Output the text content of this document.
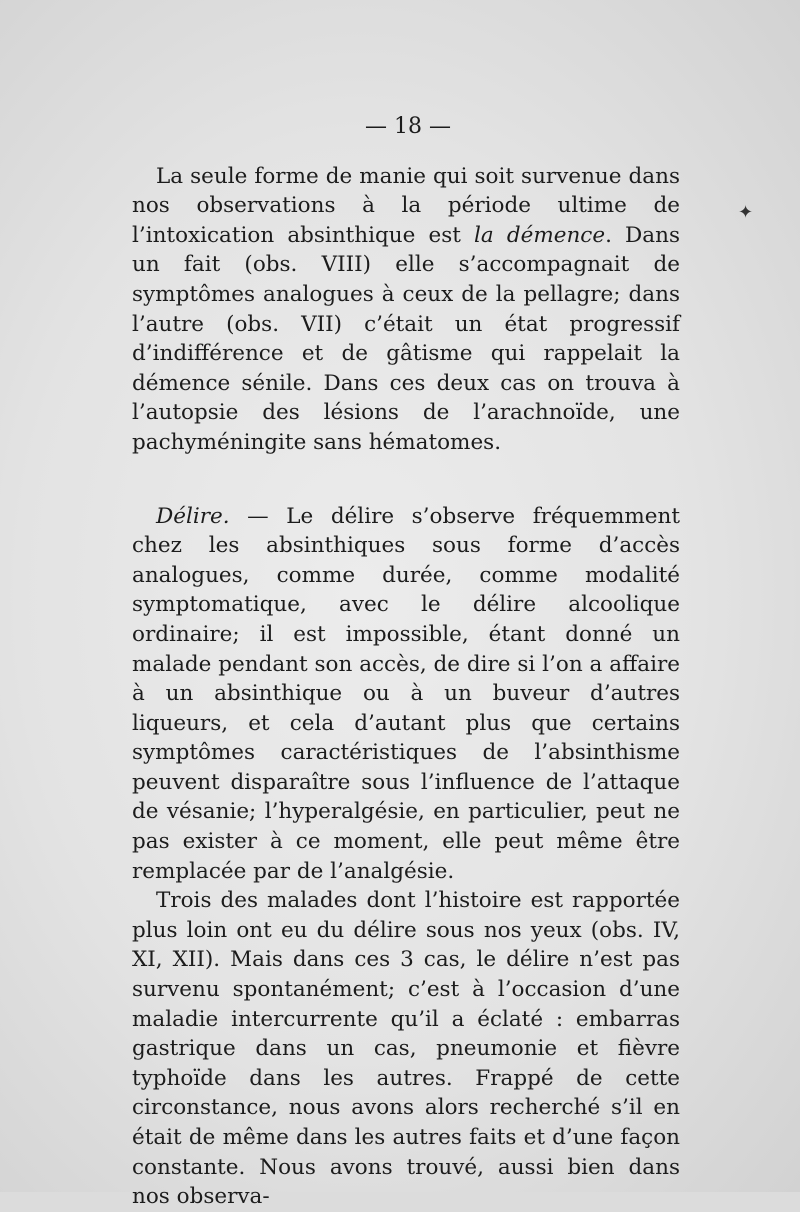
— 18 —

La seule forme de manie qui soit survenue dans nos observations à la période ultime de l’intoxication absinthique est la démence. Dans un fait (obs. VIII) elle s’accompagnait de symptômes analogues à ceux de la pellagre; dans l’autre (obs. VII) c’était un état progressif d’indifférence et de gâtisme qui rappelait la démence sénile. Dans ces deux cas on trouva à l’autopsie des lésions de l’arachnoïde, une pachyméningite sans hématomes.

Délire. — Le délire s’observe fréquemment chez les absinthiques sous forme d’accès analogues, comme durée, comme modalité symptomatique, avec le délire alcoolique ordinaire; il est impossible, étant donné un malade pendant son accès, de dire si l’on a affaire à un absinthique ou à un buveur d’autres liqueurs, et cela d’autant plus que certains symptômes caractéristiques de l’absinthisme peuvent disparaître sous l’influence de l’attaque de vésanie; l’hyperalgésie, en particulier, peut ne pas exister à ce moment, elle peut même être remplacée par de l’analgésie.

Trois des malades dont l’histoire est rapportée plus loin ont eu du délire sous nos yeux (obs. IV, XI, XII). Mais dans ces 3 cas, le délire n’est pas survenu spontanément; c’est à l’occasion d’une maladie intercurrente qu’il a éclaté : embarras gastrique dans un cas, pneumonie et fièvre typhoïde dans les autres. Frappé de cette circonstance, nous avons alors recherché s’il en était de même dans les autres faits et d’une façon constante. Nous avons trouvé, aussi bien dans nos observa-

✦
